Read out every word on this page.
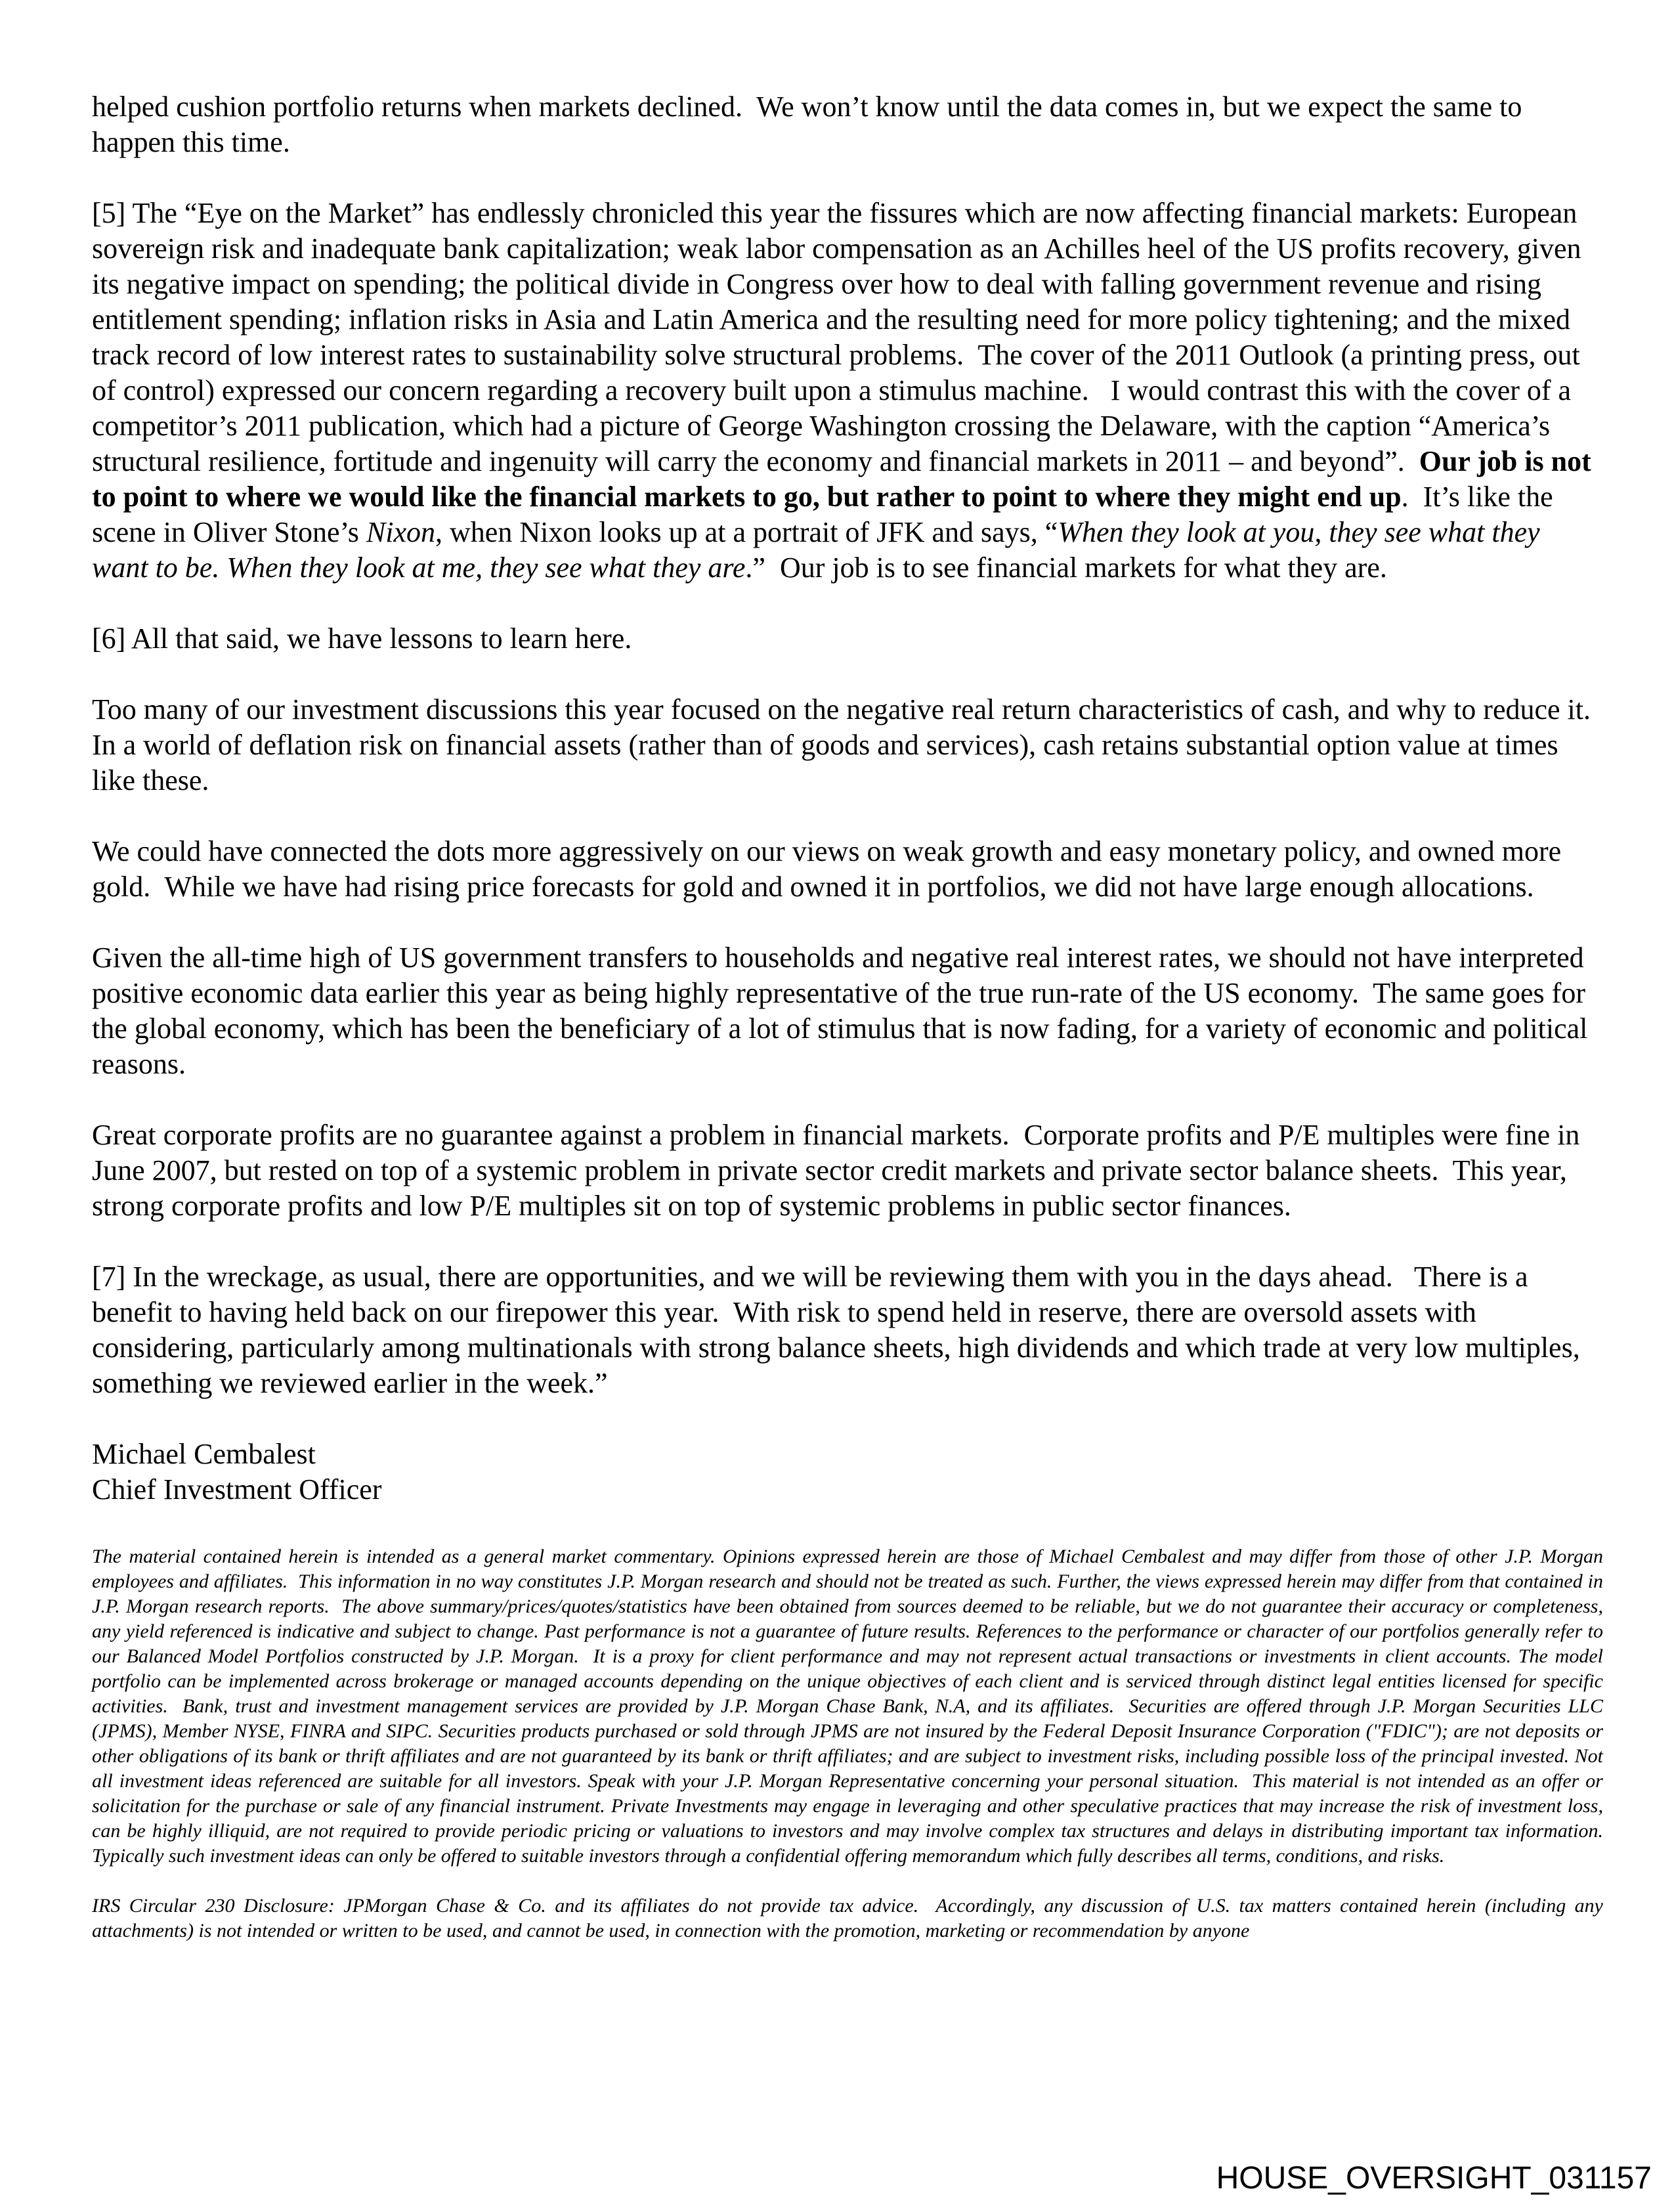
helped cushion portfolio returns when markets declined.  We won’t know until the data comes in, but we expect the same to happen this time.

[5] The “Eye on the Market” has endlessly chronicled this year the fissures which are now affecting financial markets: European sovereign risk and inadequate bank capitalization; weak labor compensation as an Achilles heel of the US profits recovery, given its negative impact on spending; the political divide in Congress over how to deal with falling government revenue and rising entitlement spending; inflation risks in Asia and Latin America and the resulting need for more policy tightening; and the mixed track record of low interest rates to sustainability solve structural problems.  The cover of the 2011 Outlook (a printing press, out of control) expressed our concern regarding a recovery built upon a stimulus machine.   I would contrast this with the cover of a competitor’s 2011 publication, which had a picture of George Washington crossing the Delaware, with the caption “America’s structural resilience, fortitude and ingenuity will carry the economy and financial markets in 2011 – and beyond”.  Our job is not to point to where we would like the financial markets to go, but rather to point to where they might end up.  It’s like the scene in Oliver Stone’s Nixon, when Nixon looks up at a portrait of JFK and says, “When they look at you, they see what they want to be. When they look at me, they see what they are.”  Our job is to see financial markets for what they are.

[6] All that said, we have lessons to learn here.

Too many of our investment discussions this year focused on the negative real return characteristics of cash, and why to reduce it.   In a world of deflation risk on financial assets (rather than of goods and services), cash retains substantial option value at times like these.

We could have connected the dots more aggressively on our views on weak growth and easy monetary policy, and owned more gold.  While we have had rising price forecasts for gold and owned it in portfolios, we did not have large enough allocations.

Given the all-time high of US government transfers to households and negative real interest rates, we should not have interpreted positive economic data earlier this year as being highly representative of the true run-rate of the US economy.  The same goes for the global economy, which has been the beneficiary of a lot of stimulus that is now fading, for a variety of economic and political reasons.

Great corporate profits are no guarantee against a problem in financial markets.  Corporate profits and P/E multiples were fine in June 2007, but rested on top of a systemic problem in private sector credit markets and private sector balance sheets.  This year, strong corporate profits and low P/E multiples sit on top of systemic problems in public sector finances.

[7] In the wreckage, as usual, there are opportunities, and we will be reviewing them with you in the days ahead.   There is a benefit to having held back on our firepower this year.  With risk to spend held in reserve, there are oversold assets with considering, particularly among multinationals with strong balance sheets, high dividends and which trade at very low multiples, something we reviewed earlier in the week.”

Michael Cembalest

Chief Investment Officer

The material contained herein is intended as a general market commentary. Opinions expressed herein are those of Michael Cembalest and may differ from those of other J.P. Morgan employees and affiliates.  This information in no way constitutes J.P. Morgan research and should not be treated as such. Further, the views expressed herein may differ from that contained in J.P. Morgan research reports.  The above summary/prices/quotes/statistics have been obtained from sources deemed to be reliable, but we do not guarantee their accuracy or completeness, any yield referenced is indicative and subject to change. Past performance is not a guarantee of future results. References to the performance or character of our portfolios generally refer to our Balanced Model Portfolios constructed by J.P. Morgan.  It is a proxy for client performance and may not represent actual transactions or investments in client accounts. The model portfolio can be implemented across brokerage or managed accounts depending on the unique objectives of each client and is serviced through distinct legal entities licensed for specific activities.  Bank, trust and investment management services are provided by J.P. Morgan Chase Bank, N.A, and its affiliates.  Securities are offered through J.P. Morgan Securities LLC (JPMS), Member NYSE, FINRA and SIPC. Securities products purchased or sold through JPMS are not insured by the Federal Deposit Insurance Corporation ("FDIC"); are not deposits or other obligations of its bank or thrift affiliates and are not guaranteed by its bank or thrift affiliates; and are subject to investment risks, including possible loss of the principal invested. Not all investment ideas referenced are suitable for all investors. Speak with your J.P. Morgan Representative concerning your personal situation.  This material is not intended as an offer or solicitation for the purchase or sale of any financial instrument. Private Investments may engage in leveraging and other speculative practices that may increase the risk of investment loss, can be highly illiquid, are not required to provide periodic pricing or valuations to investors and may involve complex tax structures and delays in distributing important tax information. Typically such investment ideas can only be offered to suitable investors through a confidential offering memorandum which fully describes all terms, conditions, and risks.

IRS Circular 230 Disclosure: JPMorgan Chase & Co. and its affiliates do not provide tax advice.  Accordingly, any discussion of U.S. tax matters contained herein (including any attachments) is not intended or written to be used, and cannot be used, in connection with the promotion, marketing or recommendation by anyone

HOUSE_OVERSIGHT_031157
